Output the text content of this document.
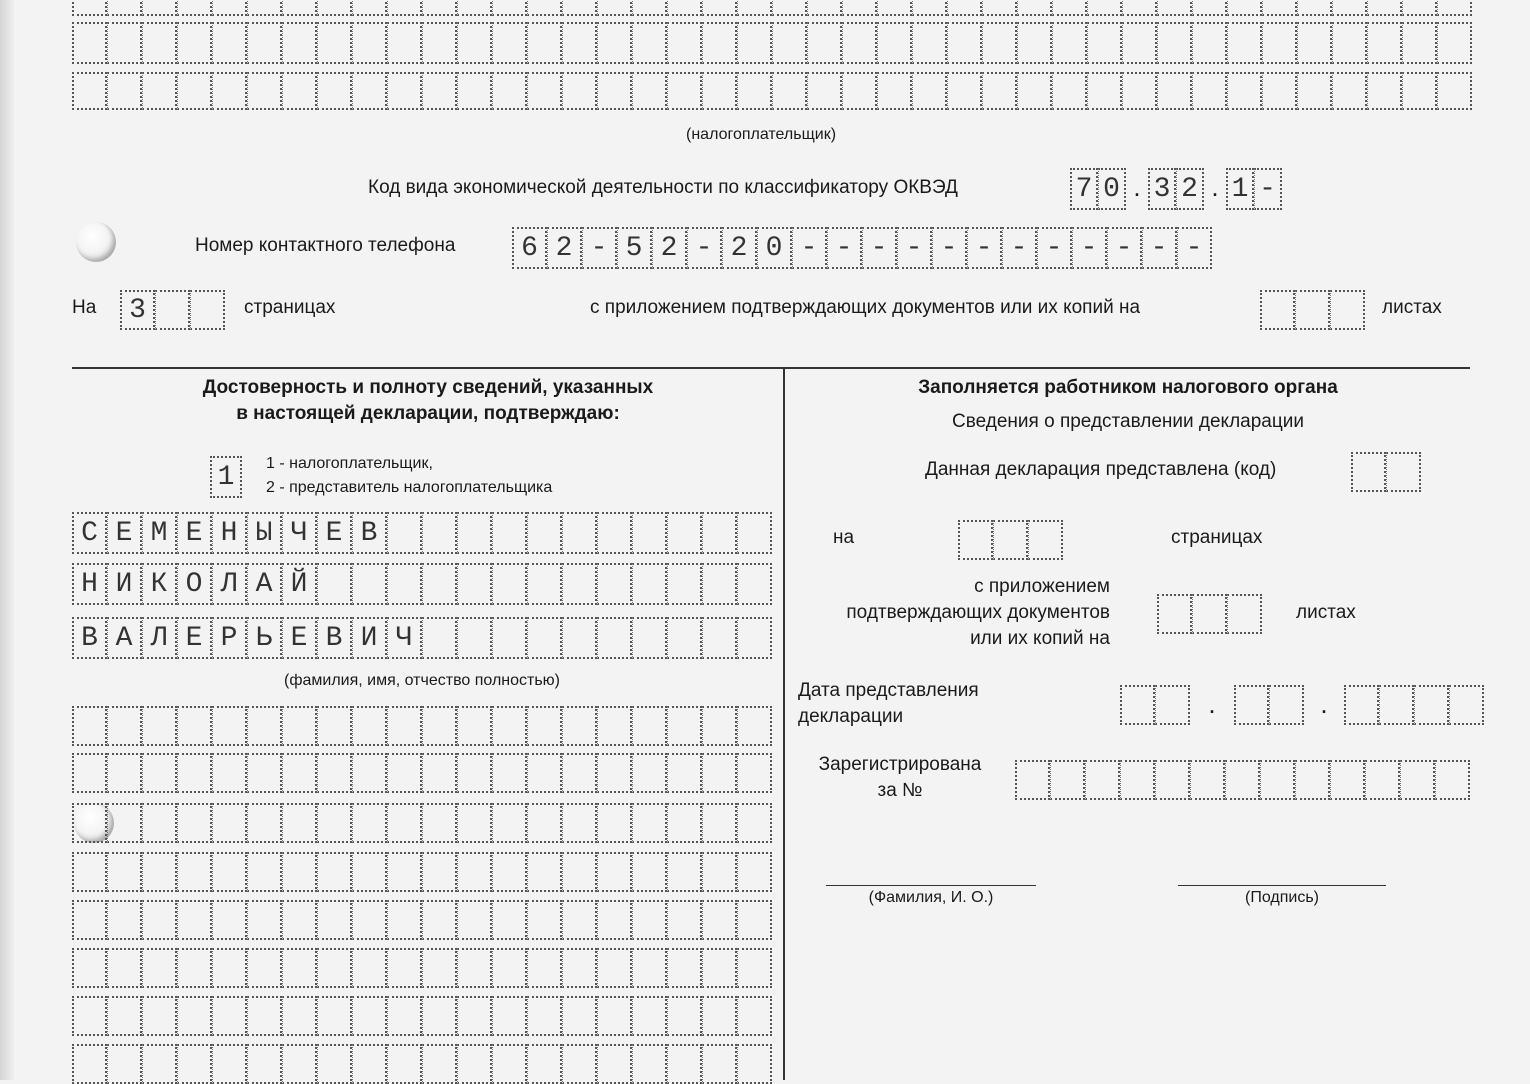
(налогоплательщик)
Код вида экономической деятельности по классификатору ОКВЭД	7 0 . 3 2 . 1 -
Номер контактного телефона	6 2 - 5 2 - 2 0 - - - - - - - - - - - -
На	3	страницах	с приложением подтверждающих документов или их копий на	листах
Достоверность и полноту сведений, указанных
в настоящей декларации, подтверждаю:
1	1 - налогоплательщик,
2 - представитель налогоплательщика
С Е М Е Н Ы Ч Е В
Н И К О Л А Й
В А Л Е Р Ь Е В И Ч
(фамилия, имя, отчество полностью)
Заполняется работником налогового органа
Сведения о представлении декларации
Данная декларация представлена (код)
на	страницах
с приложением
подтверждающих документов
или их копий на
листах
Дата представления
декларации	.	.
Зарегистрирована
за №
(Фамилия, И. О.)	(Подпись)
